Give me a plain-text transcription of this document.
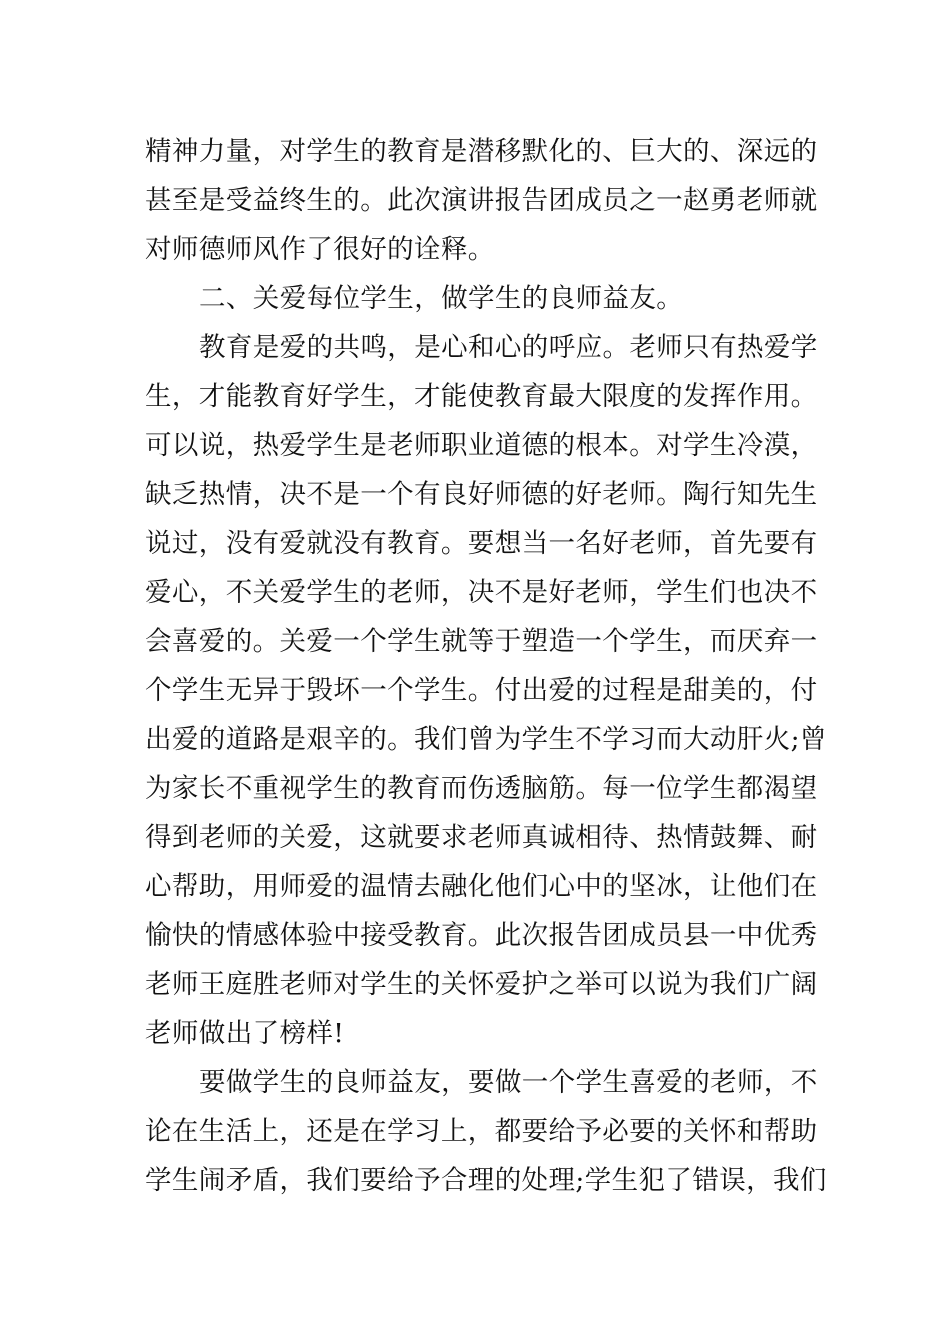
精神力量，对学生的教育是潜移默化的、巨大的、深远的
甚至是受益终生的。此次演讲报告团成员之一赵勇老师就
对师德师风作了很好的诠释。
二、关爱每位学生，做学生的良师益友。
教育是爱的共鸣，是心和心的呼应。老师只有热爱学
生，才能教育好学生，才能使教育最大限度的发挥作用。
可以说，热爱学生是老师职业道德的根本。对学生冷漠，
缺乏热情，决不是一个有良好师德的好老师。陶行知先生
说过，没有爱就没有教育。要想当一名好老师，首先要有
爱心，不关爱学生的老师，决不是好老师，学生们也决不
会喜爱的。关爱一个学生就等于塑造一个学生，而厌弃一
个学生无异于毁坏一个学生。付出爱的过程是甜美的，付
出爱的道路是艰辛的。我们曾为学生不学习而大动肝火;曾
为家长不重视学生的教育而伤透脑筋。每一位学生都渴望
得到老师的关爱，这就要求老师真诚相待、热情鼓舞、耐
心帮助，用师爱的温情去融化他们心中的坚冰，让他们在
愉快的情感体验中接受教育。此次报告团成员县一中优秀
老师王庭胜老师对学生的关怀爱护之举可以说为我们广阔
老师做出了榜样!
要做学生的良师益友，要做一个学生喜爱的老师，不
论在生活上，还是在学习上，都要给予必要的关怀和帮助
学生闹矛盾，我们要给予合理的处理;学生犯了错误，我们
